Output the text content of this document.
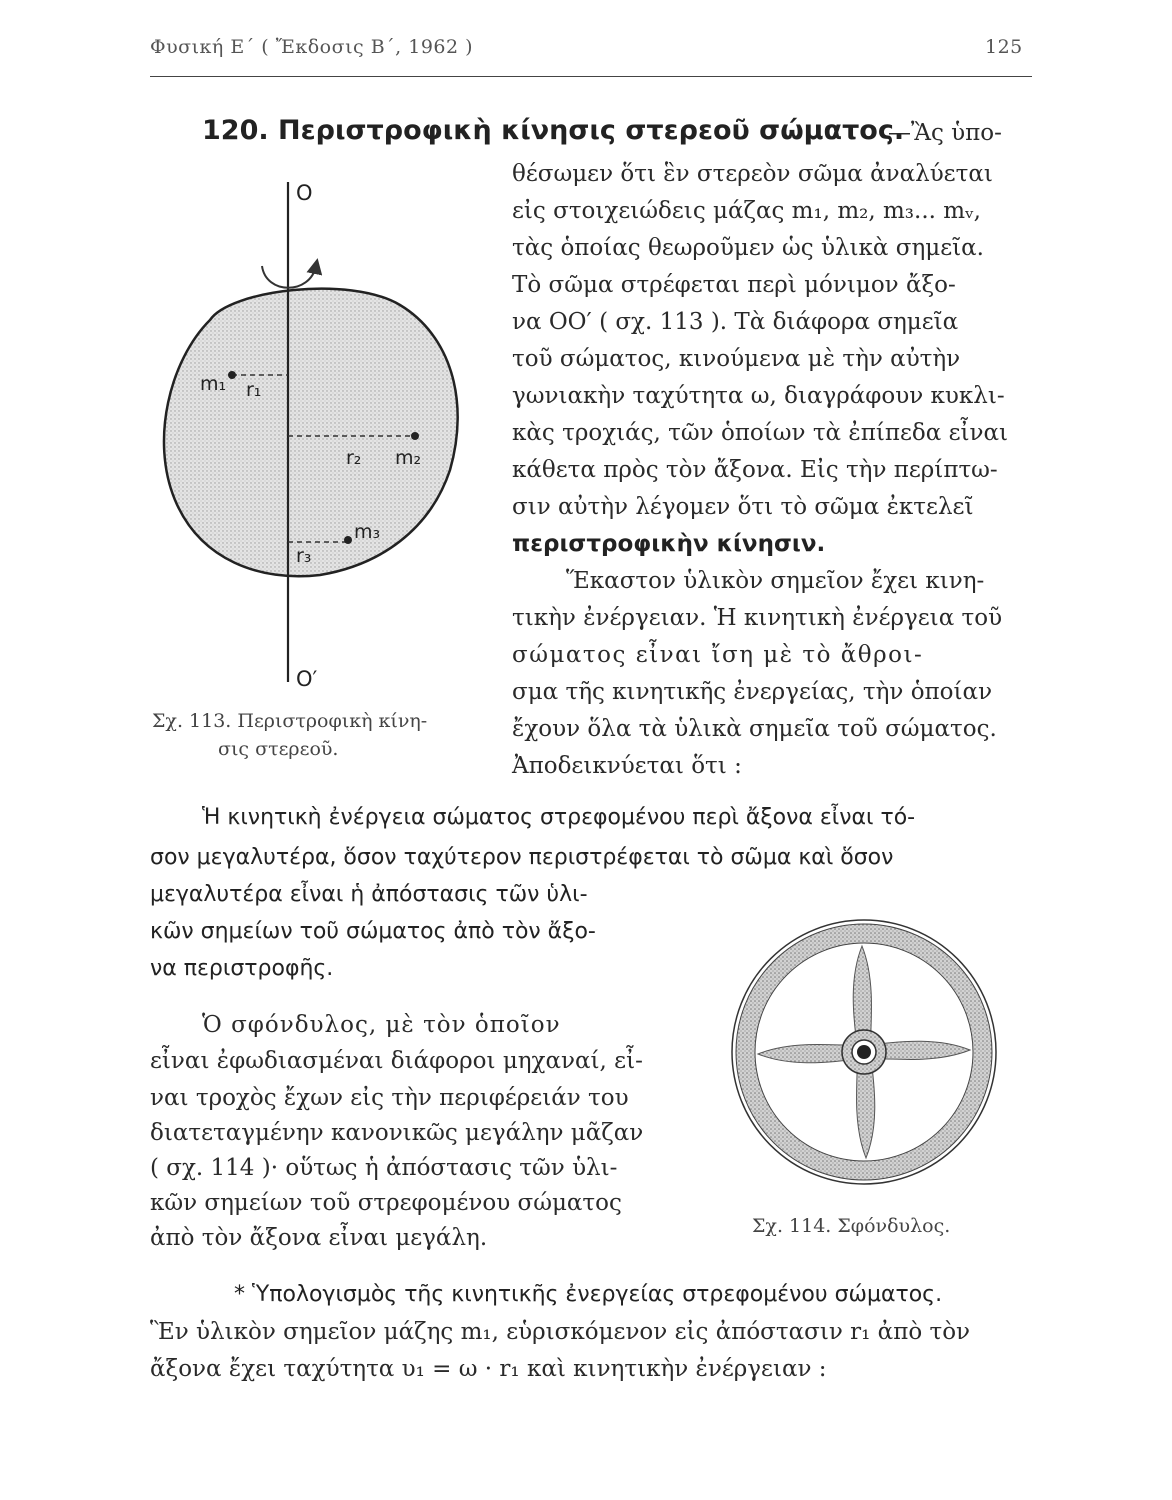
Φυσική Ε΄ ( Ἔκδοσις Β΄, 1962 )	125
120. Περιστροφικὴ κίνησις στερεοῦ σώματος.
—Ἂς ὑπο-
θέσωμεν ὅτι ἓν στερεὸν σῶμα ἀναλύεται
εἰς στοιχειώδεις μάζας m₁, m₂, m₃... mᵥ,
τὰς ὁποίας θεωροῦμεν ὡς ὑλικὰ σημεῖα.
Τὸ σῶμα στρέφεται περὶ μόνιμον ἄξο-
να ΟΟ′ ( σχ. 113 ). Τὰ διάφορα σημεῖα
τοῦ σώματος, κινούμενα μὲ τὴν αὐτὴν
γωνιακὴν ταχύτητα ω, διαγράφουν κυκλι-
κὰς τροχιάς, τῶν ὁποίων τὰ ἐπίπεδα εἶναι
κάθετα πρὸς τὸν ἄξονα. Εἰς τὴν περίπτω-
σιν αὐτὴν λέγομεν ὅτι τὸ σῶμα ἐκτελεῖ
περιστροφικὴν κίνησιν.
Ἕκαστον ὑλικὸν σημεῖον ἔχει κινη-
τικὴν ἐνέργειαν. Ἡ κινητικὴ ἐνέργεια τοῦ
σώματος εἶναι ἴση μὲ τὸ ἄθροι-
σμα τῆς κινητικῆς ἐνεργείας, τὴν ὁποίαν
ἔχουν ὅλα τὰ ὑλικὰ σημεῖα τοῦ σώματος.
Ἀποδεικνύεται ὅτι :
O
O′
m₁ r₁
r₂ m₂
m₃
r₃
Σχ. 113. Περιστροφικὴ κίνη-
σις στερεοῦ.
Ἡ κινητικὴ ἐνέργεια σώματος στρεφομένου περὶ ἄξονα εἶναι τό-
σον μεγαλυτέρα, ὅσον ταχύτερον περιστρέφεται τὸ σῶμα καὶ ὅσον
μεγαλυτέρα εἶναι ἡ ἀπόστασις τῶν ὑλι-
κῶν σημείων τοῦ σώματος ἀπὸ τὸν ἄξο-
να περιστροφῆς.
Ὁ σφόνδυλος, μὲ τὸν ὁποῖον
εἶναι ἐφωδιασμέναι διάφοροι μηχαναί, εἶ-
ναι τροχὸς ἔχων εἰς τὴν περιφέρειάν του
διατεταγμένην κανονικῶς μεγάλην μᾶζαν
( σχ. 114 )· οὕτως ἡ ἀπόστασις τῶν ὑλι-
κῶν σημείων τοῦ στρεφομένου σώματος
ἀπὸ τὸν ἄξονα εἶναι μεγάλη.	Σχ. 114. Σφόνδυλος.
* Ὑπολογισμὸς τῆς κινητικῆς ἐνεργείας στρεφομένου σώματος.
Ἓν ὑλικὸν σημεῖον μάζης m₁, εὑρισκόμενον εἰς ἀπόστασιν r₁ ἀπὸ τὸν
ἄξονα ἔχει ταχύτητα υ₁ = ω · r₁ καὶ κινητικὴν ἐνέργειαν :
